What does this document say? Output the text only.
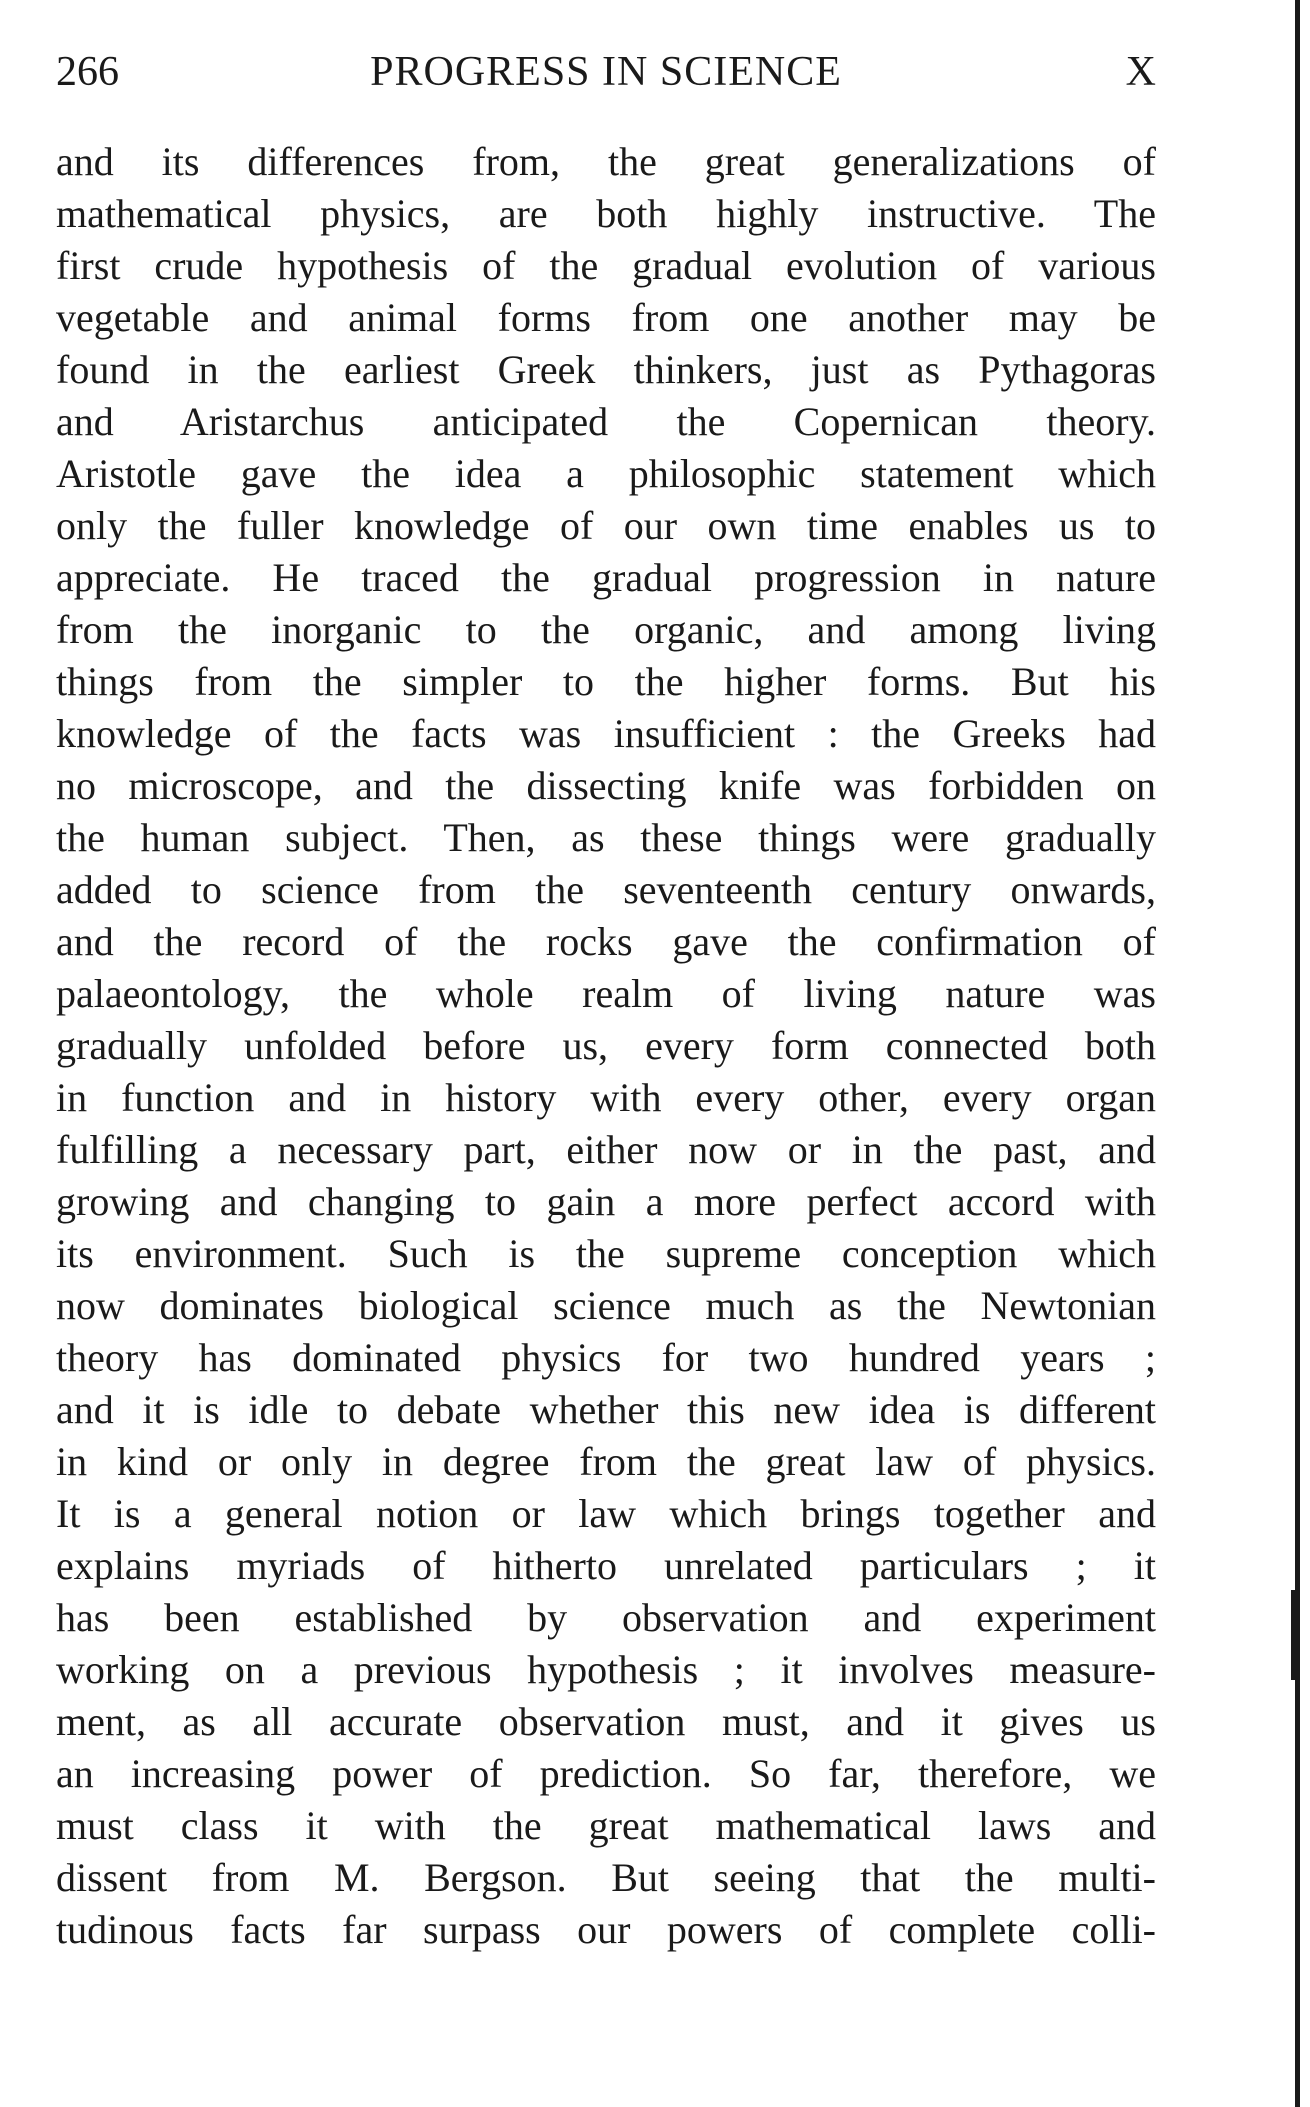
266	PROGRESS IN SCIENCE	X
and its differences from, the great generalizations of
mathematical physics, are both highly instructive. The
first crude hypothesis of the gradual evolution of various
vegetable and animal forms from one another may be
found in the earliest Greek thinkers, just as Pythagoras
and Aristarchus anticipated the Copernican theory.
Aristotle gave the idea a philosophic statement which
only the fuller knowledge of our own time enables us to
appreciate. He traced the gradual progression in nature
from the inorganic to the organic, and among living
things from the simpler to the higher forms. But his
knowledge of the facts was insufficient : the Greeks had
no microscope, and the dissecting knife was forbidden on
the human subject. Then, as these things were gradually
added to science from the seventeenth century onwards,
and the record of the rocks gave the confirmation of
palaeontology, the whole realm of living nature was
gradually unfolded before us, every form connected both
in function and in history with every other, every organ
fulfilling a necessary part, either now or in the past, and
growing and changing to gain a more perfect accord with
its environment. Such is the supreme conception which
now dominates biological science much as the Newtonian
theory has dominated physics for two hundred years ;
and it is idle to debate whether this new idea is different
in kind or only in degree from the great law of physics.
It is a general notion or law which brings together and
explains myriads of hitherto unrelated particulars ; it
has been established by observation and experiment
working on a previous hypothesis ; it involves measure-
ment, as all accurate observation must, and it gives us
an increasing power of prediction. So far, therefore, we
must class it with the great mathematical laws and
dissent from M. Bergson. But seeing that the multi-
tudinous facts far surpass our powers of complete colli-
